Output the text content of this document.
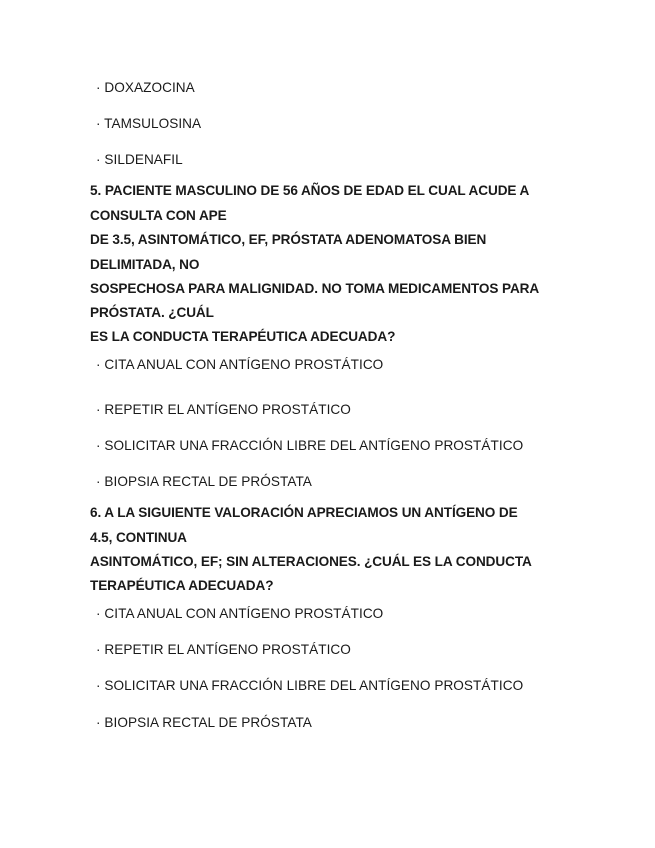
· DOXAZOCINA
· TAMSULOSINA
· SILDENAFIL
5. PACIENTE MASCULINO DE 56 AÑOS DE EDAD EL CUAL ACUDE A
CONSULTA CON APE
DE 3.5, ASINTOMÁTICO, EF, PRÓSTATA ADENOMATOSA BIEN
DELIMITADA, NO
SOSPECHOSA PARA MALIGNIDAD. NO TOMA MEDICAMENTOS PARA
PRÓSTATA. ¿CUÁL
ES LA CONDUCTA TERAPÉUTICA ADECUADA?
· CITA ANUAL CON ANTÍGENO PROSTÁTICO
· REPETIR EL ANTÍGENO PROSTÁTICO
· SOLICITAR UNA FRACCIÓN LIBRE DEL ANTÍGENO PROSTÁTICO
· BIOPSIA RECTAL DE PRÓSTATA
6. A LA SIGUIENTE VALORACIÓN APRECIAMOS UN ANTÍGENO DE
4.5, CONTINUA
ASINTOMÁTICO, EF; SIN ALTERACIONES. ¿CUÁL ES LA CONDUCTA
TERAPÉUTICA ADECUADA?
· CITA ANUAL CON ANTÍGENO PROSTÁTICO
· REPETIR EL ANTÍGENO PROSTÁTICO
· SOLICITAR UNA FRACCIÓN LIBRE DEL ANTÍGENO PROSTÁTICO
· BIOPSIA RECTAL DE PRÓSTATA
